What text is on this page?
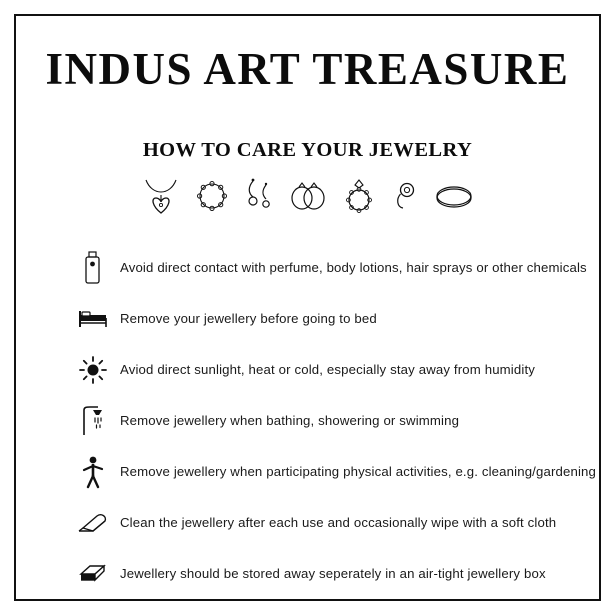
INDUS ART TREASURE
HOW TO CARE YOUR JEWELRY
Avoid direct contact with perfume, body lotions, hair sprays or other chemicals
Remove your jewellery before going to bed
Aviod direct sunlight, heat or cold, especially stay away from humidity
Remove jewellery when bathing, showering or swimming
Remove jewellery when participating physical activities, e.g. cleaning/gardening
Clean the jewellery after each use and occasionally wipe with a soft cloth
Jewellery should be stored away seperately in an air-tight jewellery box
